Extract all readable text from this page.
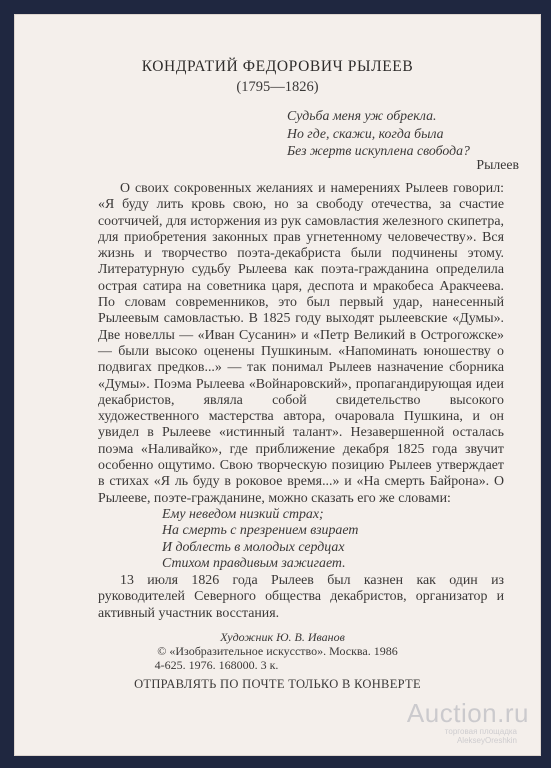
КОНДРАТИЙ ФЕДОРОВИЧ РЫЛЕЕВ
(1795—1826)
Судьба меня уж обрекла.
Но где, скажи, когда была
Без жертв искуплена свобода?
Рылеев

О своих сокровенных желаниях и намерениях Рылеев говорил: «Я буду лить кровь свою, но за свободу отечества, за счастие соотчичей, для исторжения из рук самовластия железного скипетра, для приобретения законных прав угнетенному человечеству». Вся жизнь и творчество поэта-декабриста были подчинены этому. Литературную судьбу Рылеева как поэта-гражданина определила острая сатира на советника царя, деспота и мракобеса Аракчеева. По словам современников, это был первый удар, нанесенный Рылеевым самовластью. В 1825 году выходят рылеевские «Думы». Две новеллы — «Иван Сусанин» и «Петр Великий в Острогожске» — были высоко оценены Пушкиным. «Напоминать юношеству о подвигах предков...» — так понимал Рылеев назначение сборника «Думы». Поэма Рылеева «Войнаровский», пропагандирующая идеи декабристов, являла собой свидетельство высокого художественного мастерства автора, очаровала Пушкина, и он увидел в Рылееве «истинный талант». Незавершенной осталась поэма «Наливайко», где приближение декабря 1825 года звучит особенно ощутимо. Свою творческую позицию Рылеев утверждает в стихах «Я ль буду в роковое время...» и «На смерть Байрона». О Рылееве, поэте-гражданине, можно сказать его же словами:

Ему неведом низкий страх;
На смерть с презрением взирает
И доблесть в молодых сердцах
Стихом правдивым зажигает.

13 июля 1826 года Рылеев был казнен как один из руководителей Северного общества декабристов, организатор и активный участник восстания.

Художник Ю. В. Иванов
© «Изобразительное искусство». Москва. 1986
4-625. 1976. 168000. 3 к.
ОТПРАВЛЯТЬ ПО ПОЧТЕ ТОЛЬКО В КОНВЕРТЕ
Auction.ru
торговая площадка
AlekseyOreshkin
